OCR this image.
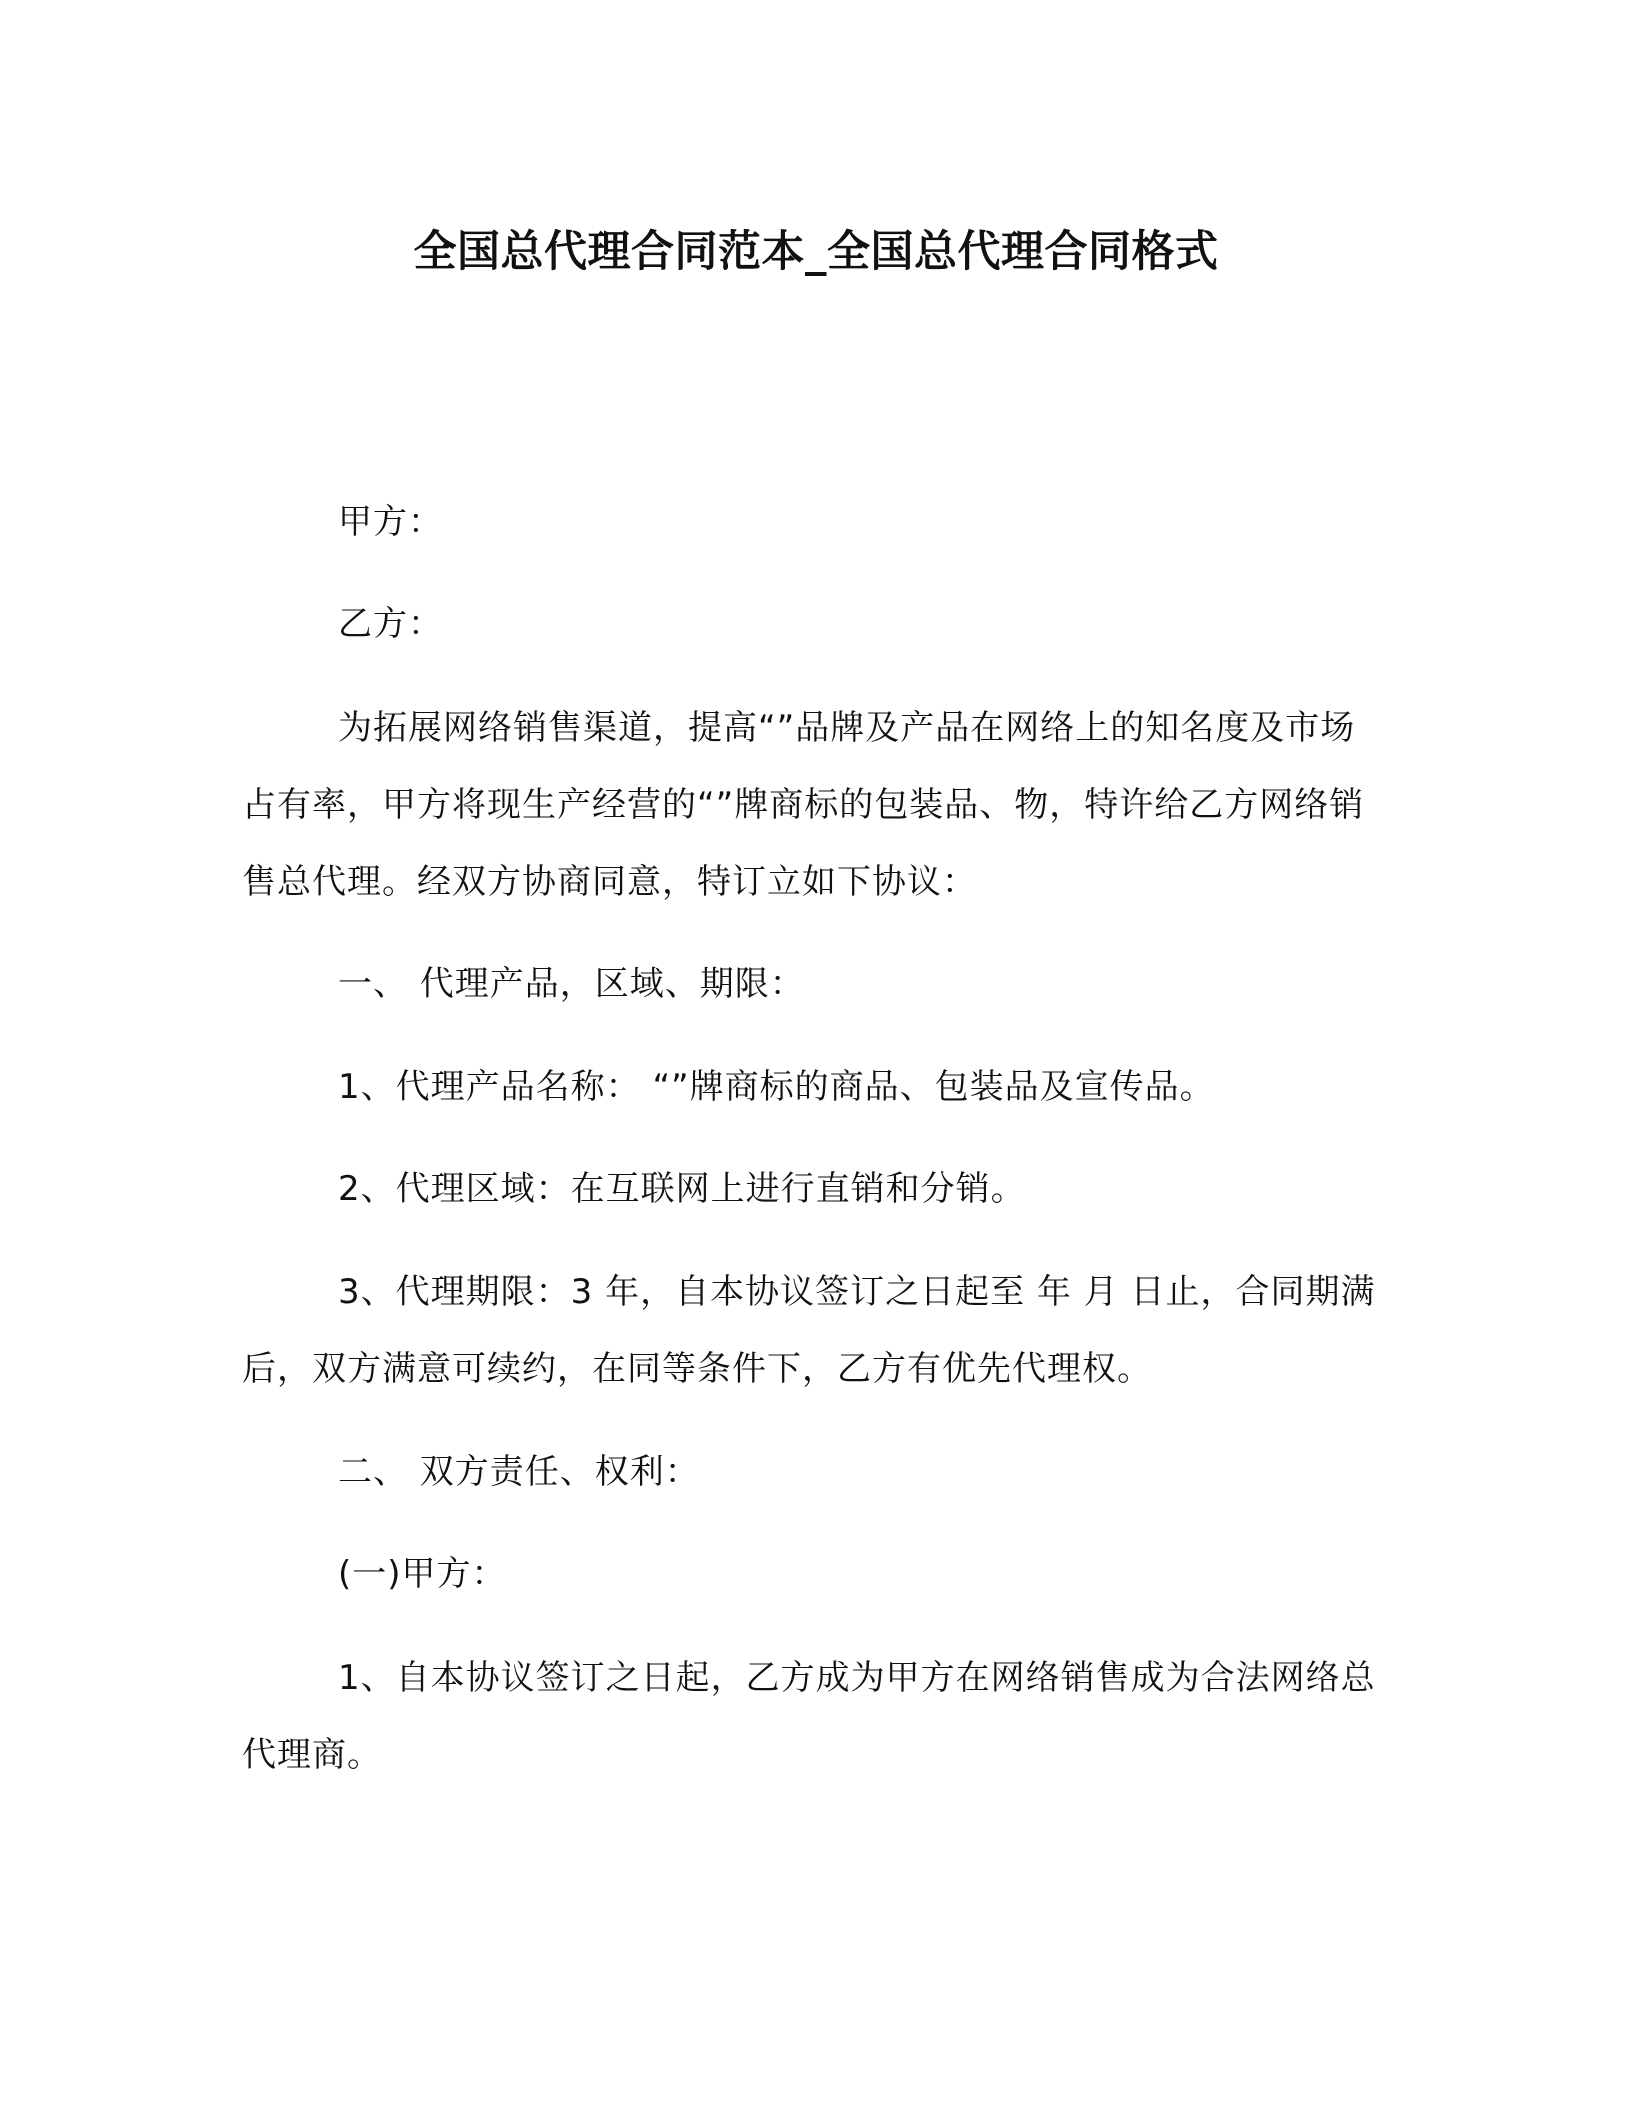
全国总代理合同范本_全国总代理合同格式
甲方：
乙方：
为拓展网络销售渠道，提高“”品牌及产品在网络上的知名度及市场占有率，甲方将现生产经营的“”牌商标的包装品、物，特许给乙方网络销售总代理。经双方协商同意，特订立如下协议：
一、 代理产品，区域、期限：
1、代理产品名称： “”牌商标的商品、包装品及宣传品。
2、代理区域：在互联网上进行直销和分销。
3、代理期限：3 年，自本协议签订之日起至 年 月 日止，合同期满后，双方满意可续约，在同等条件下，乙方有优先代理权。
二、 双方责任、权利：
(一)甲方：
1、自本协议签订之日起，乙方成为甲方在网络销售成为合法网络总代理商。
